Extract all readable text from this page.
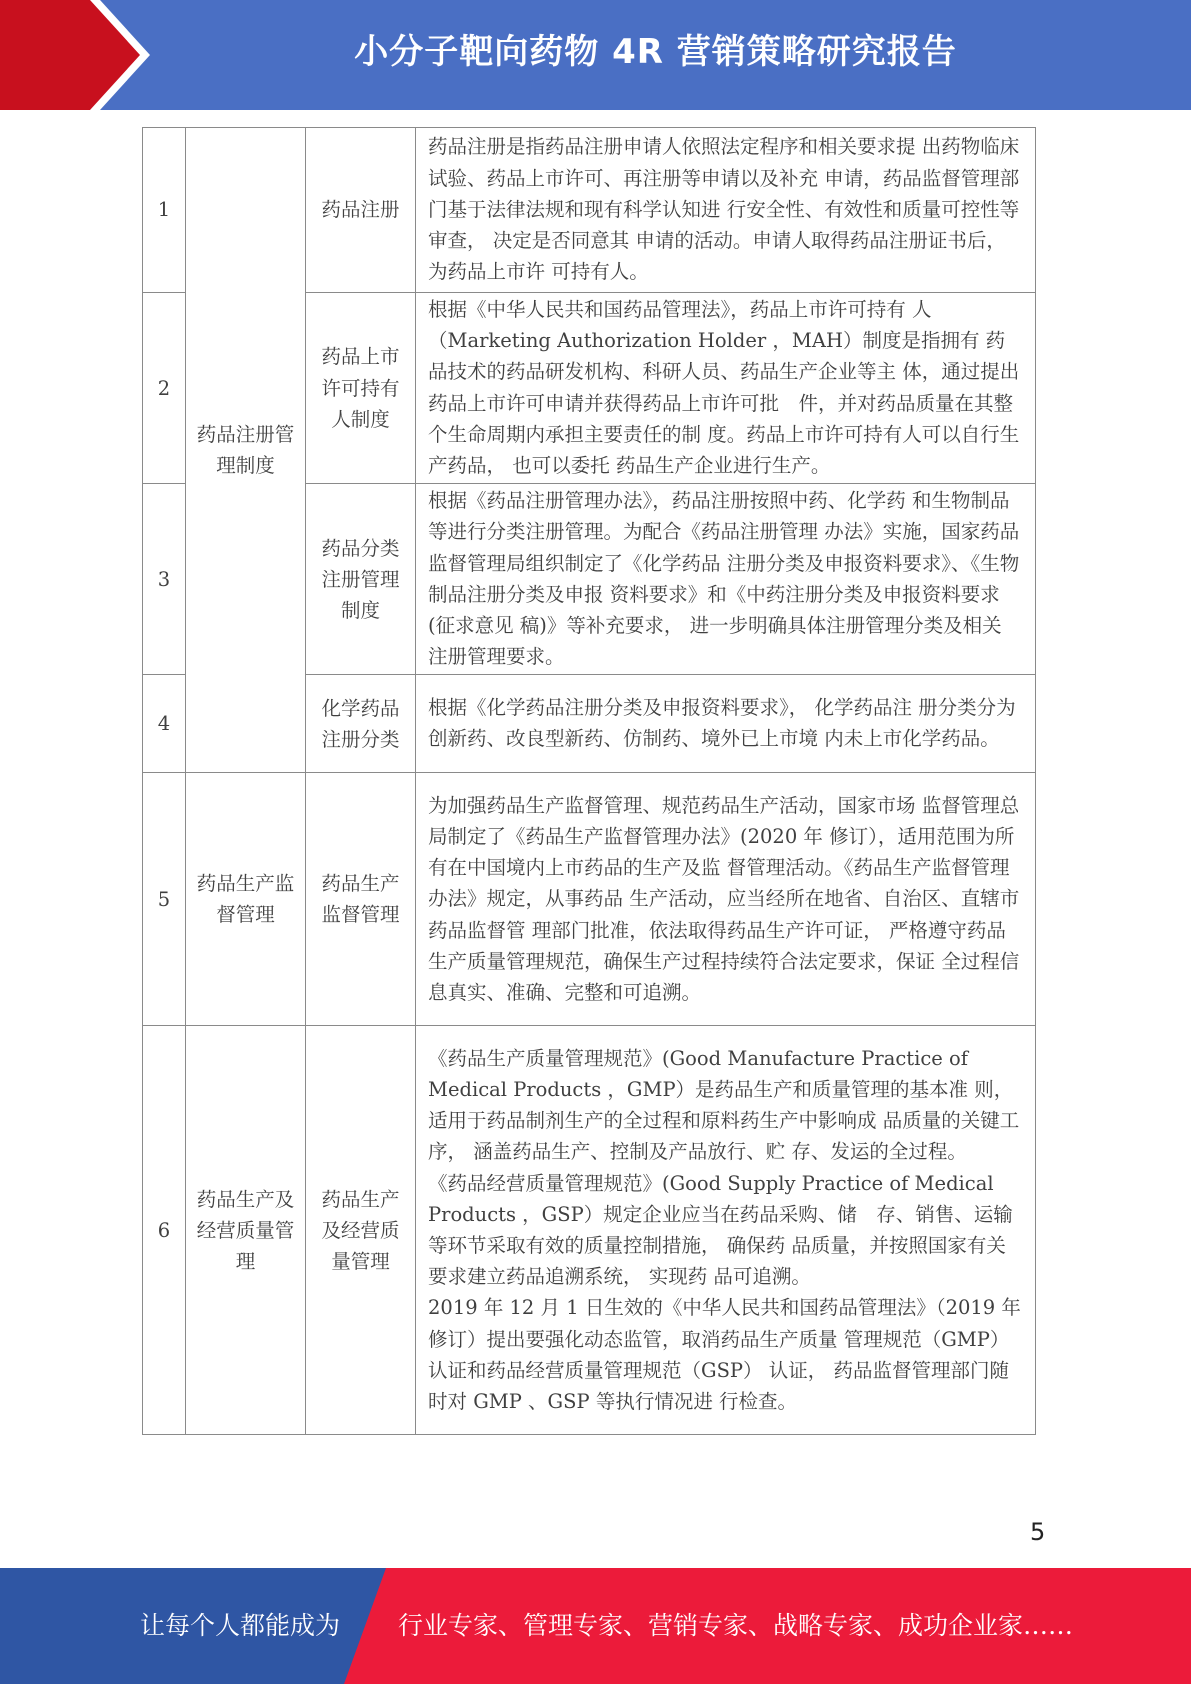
小分子靶向药物 4R 营销策略研究报告
1	药品注册管理制度	药品注册	药品注册是指药品注册申请人依照法定程序和相关要求提 出药物临床试验、药品上市许可、再注册等申请以及补充 申请，药品监督管理部门基于法律法规和现有科学认知进 行安全性、有效性和质量可控性等审查， 决定是否同意其 申请的活动。申请人取得药品注册证书后，为药品上市许 可持有人。

2		药品上市许可持有人制度	根据《中华人民共和国药品管理法》，药品上市许可持有 人（Marketing Authorization Holder ，MAH）制度是指拥有 药品技术的药品研发机构、科研人员、药品生产企业等主 体，通过提出药品上市许可申请并获得药品上市许可批　件，并对药品质量在其整个生命周期内承担主要责任的制 度。药品上市许可持有人可以自行生产药品， 也可以委托 药品生产企业进行生产。

3		药品分类注册管理制度	根据《药品注册管理办法》，药品注册按照中药、化学药 和生物制品等进行分类注册管理。为配合《药品注册管理 办法》实施，国家药品监督管理局组织制定了《化学药品 注册分类及申报资料要求》、《生物制品注册分类及申报 资料要求》和《中药注册分类及申报资料要求(征求意见 稿)》等补充要求， 进一步明确具体注册管理分类及相关 注册管理要求。

4		化学药品注册分类	根据《化学药品注册分类及申报资料要求》， 化学药品注 册分类分为创新药、改良型新药、仿制药、境外已上市境 内未上市化学药品。

5	药品生产监督管理	药品生产监督管理	为加强药品生产监督管理、规范药品生产活动，国家市场 监督管理总局制定了《药品生产监督管理办法》(2020 年 修订），适用范围为所有在中国境内上市药品的生产及监 督管理活动。《药品生产监督管理办法》规定，从事药品 生产活动，应当经所在地省、自治区、直辖市药品监督管 理部门批准，依法取得药品生产许可证， 严格遵守药品生产质量管理规范，确保生产过程持续符合法定要求，保证 全过程信息真实、准确、完整和可追溯。

6	药品生产及经营质量管理	药品生产及经营质量管理	《药品生产质量管理规范》(Good Manufacture Practice of Medical Products ，GMP）是药品生产和质量管理的基本准 则，适用于药品制剂生产的全过程和原料药生产中影响成 品质量的关键工序， 涵盖药品生产、控制及产品放行、贮 存、发运的全过程。

《药品经营质量管理规范》(Good Supply Practice of Medical Products ，GSP）规定企业应当在药品采购、储　存、销售、运输等环节采取有效的质量控制措施， 确保药 品质量，并按照国家有关要求建立药品追溯系统， 实现药 品可追溯。

2019 年 12 月 1 日生效的《中华人民共和国药品管理法》（2019 年修订）提出要强化动态监管，取消药品生产质量 管理规范（GMP）认证和药品经营质量管理规范（GSP） 认证， 药品监督管理部门随时对 GMP 、GSP 等执行情况进 行检查。

5
让每个人都能成为 行业专家、管理专家、营销专家、战略专家、成功企业家……
